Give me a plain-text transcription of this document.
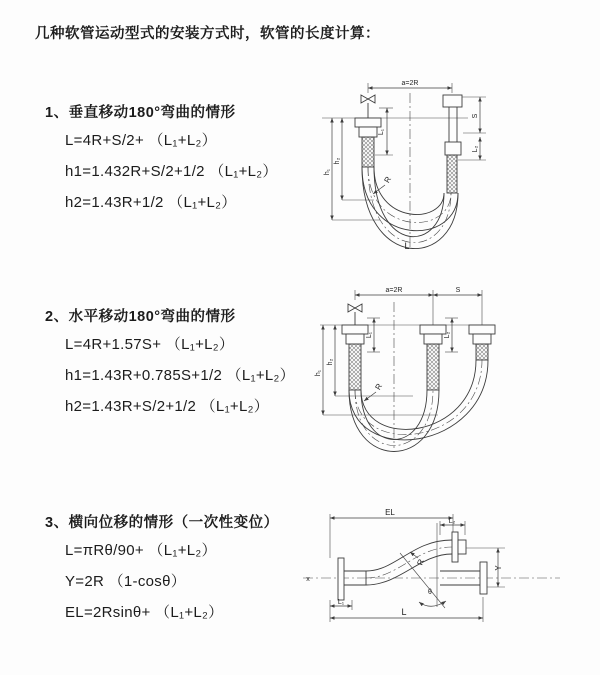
几种软管运动型式的安装方式时，软管的长度计算：
1、垂直移动180°弯曲的情形
L=4R+S/2+ （L₁+L₂）
h1=1.432R+S/2+1/2 （L₁+L₂）
h2=1.43R+1/2 （L₁+L₂）
a=2R
L₁
S
L₂
h₁
h₂
R
L
2、水平移动180°弯曲的情形
L=4R+1.57S+ （L₁+L₂）
h1=1.43R+0.785S+1/2 （L₁+L₂）
h2=1.43R+S/2+1/2 （L₁+L₂）
a=2R	S
L₁	L₂
h₁
h₂
R
3、横向位移的情形（一次性变位）
L=πRθ/90+ （L₁+L₂）
Y=2R （1-cosθ）
EL=2Rsinθ+ （L₁+L₂）
x
EL
L₂
Y
θ
R
L₁
L
